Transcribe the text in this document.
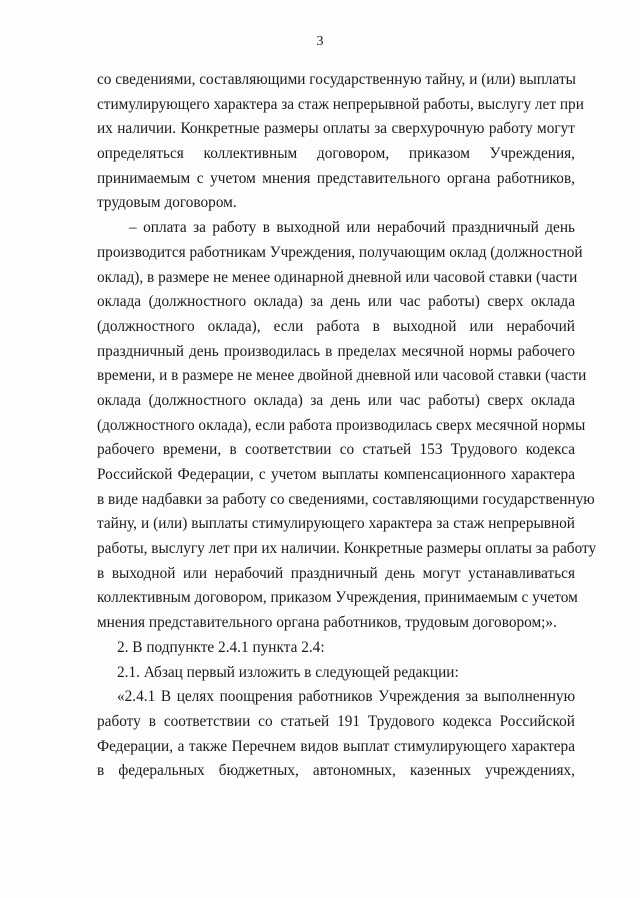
3
со сведениями, составляющими государственную тайну, и (или) выплаты
стимулирующего характера за стаж непрерывной работы, выслугу лет при
их наличии. Конкретные размеры оплаты за сверхурочную работу могут
определяться коллективным договором, приказом Учреждения,
принимаемым с учетом мнения представительного органа работников,
трудовым договором.
– оплата за работу в выходной или нерабочий праздничный день
производится работникам Учреждения, получающим оклад (должностной
оклад), в размере не менее одинарной дневной или часовой ставки (части
оклада (должностного оклада) за день или час работы) сверх оклада
(должностного оклада), если работа в выходной или нерабочий
праздничный день производилась в пределах месячной нормы рабочего
времени, и в размере не менее двойной дневной или часовой ставки (части
оклада (должностного оклада) за день или час работы) сверх оклада
(должностного оклада), если работа производилась сверх месячной нормы
рабочего времени, в соответствии со статьей 153 Трудового кодекса
Российской Федерации, с учетом выплаты компенсационного характера
в виде надбавки за работу со сведениями, составляющими государственную
тайну, и (или) выплаты стимулирующего характера за стаж непрерывной
работы, выслугу лет при их наличии. Конкретные размеры оплаты за работу
в выходной или нерабочий праздничный день могут устанавливаться
коллективным договором, приказом Учреждения, принимаемым с учетом
мнения представительного органа работников, трудовым договором;».
2. В подпункте 2.4.1 пункта 2.4:
2.1. Абзац первый изложить в следующей редакции:
«2.4.1 В целях поощрения работников Учреждения за выполненную
работу в соответствии со статьей 191 Трудового кодекса Российской
Федерации, а также Перечнем видов выплат стимулирующего характера
в федеральных бюджетных, автономных, казенных учреждениях,
